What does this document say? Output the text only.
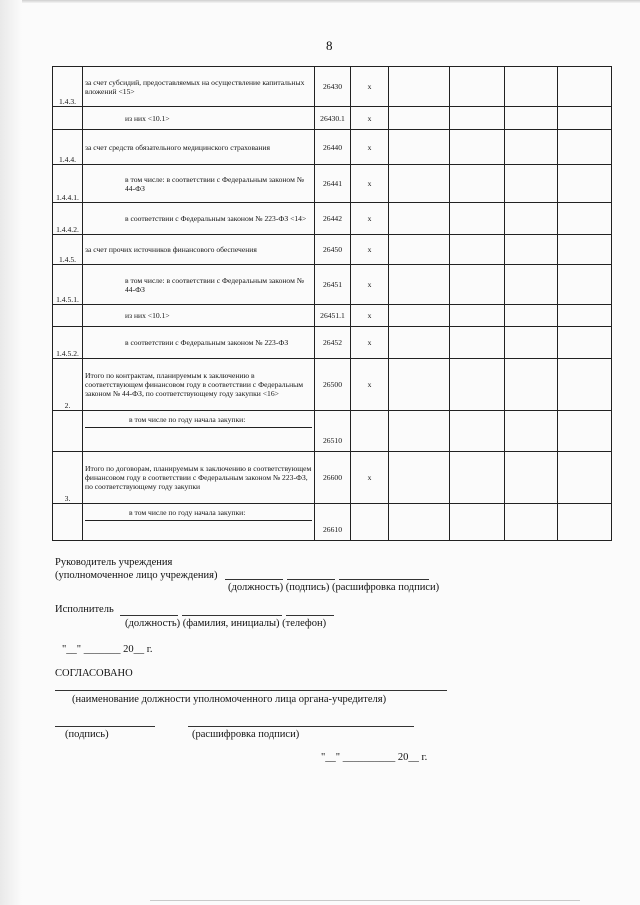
8
1.4.3.	за счет субсидий, предоставляемых на осуществление капитальных вложений <15>	26430	x				

	из них <10.1>	26430.1	x				
1.4.4.	за счет средств обязательного медицинского страхования	26440	x				
1.4.4.1.	в том числе: в соответствии с Федеральным законом № 44-ФЗ	26441	x				
1.4.4.2.	в соответствии с Федеральным законом № 223-ФЗ <14>	26442	x				
1.4.5.	за счет прочих источников финансового обеспечения	26450	x				
1.4.5.1.	в том числе: в соответствии с Федеральным законом № 44-ФЗ	26451	x				

	из них <10.1>	26451.1	x				
1.4.5.2.	в соответствии с Федеральным законом № 223-ФЗ	26452	x				
2.	Итого по контрактам, планируемым к заключению в соответствующем финансовом году в соответствии с Федеральным законом № 44-ФЗ, по соответствующему году закупки <16>	26500	x				

	в том числе по году начала закупки:	26510					
3.	Итого по договорам, планируемым к заключению в соответствующем финансовом году в соответствии с Федеральным законом № 223-ФЗ, по соответствующему году закупки	26600	x				

	в том числе по году начала закупки:	26610					
Руководитель учреждения
(уполномоченное лицо учреждения)
(должность) (подпись) (расшифровка подписи)
Исполнитель
(должность) (фамилия, инициалы) (телефон)
"__" _______ 20__ г.
СОГЛАСОВАНО
(наименование должности уполномоченного лица органа-учредителя)
(подпись)	(расшифровка подписи)
"__" __________ 20__ г.
